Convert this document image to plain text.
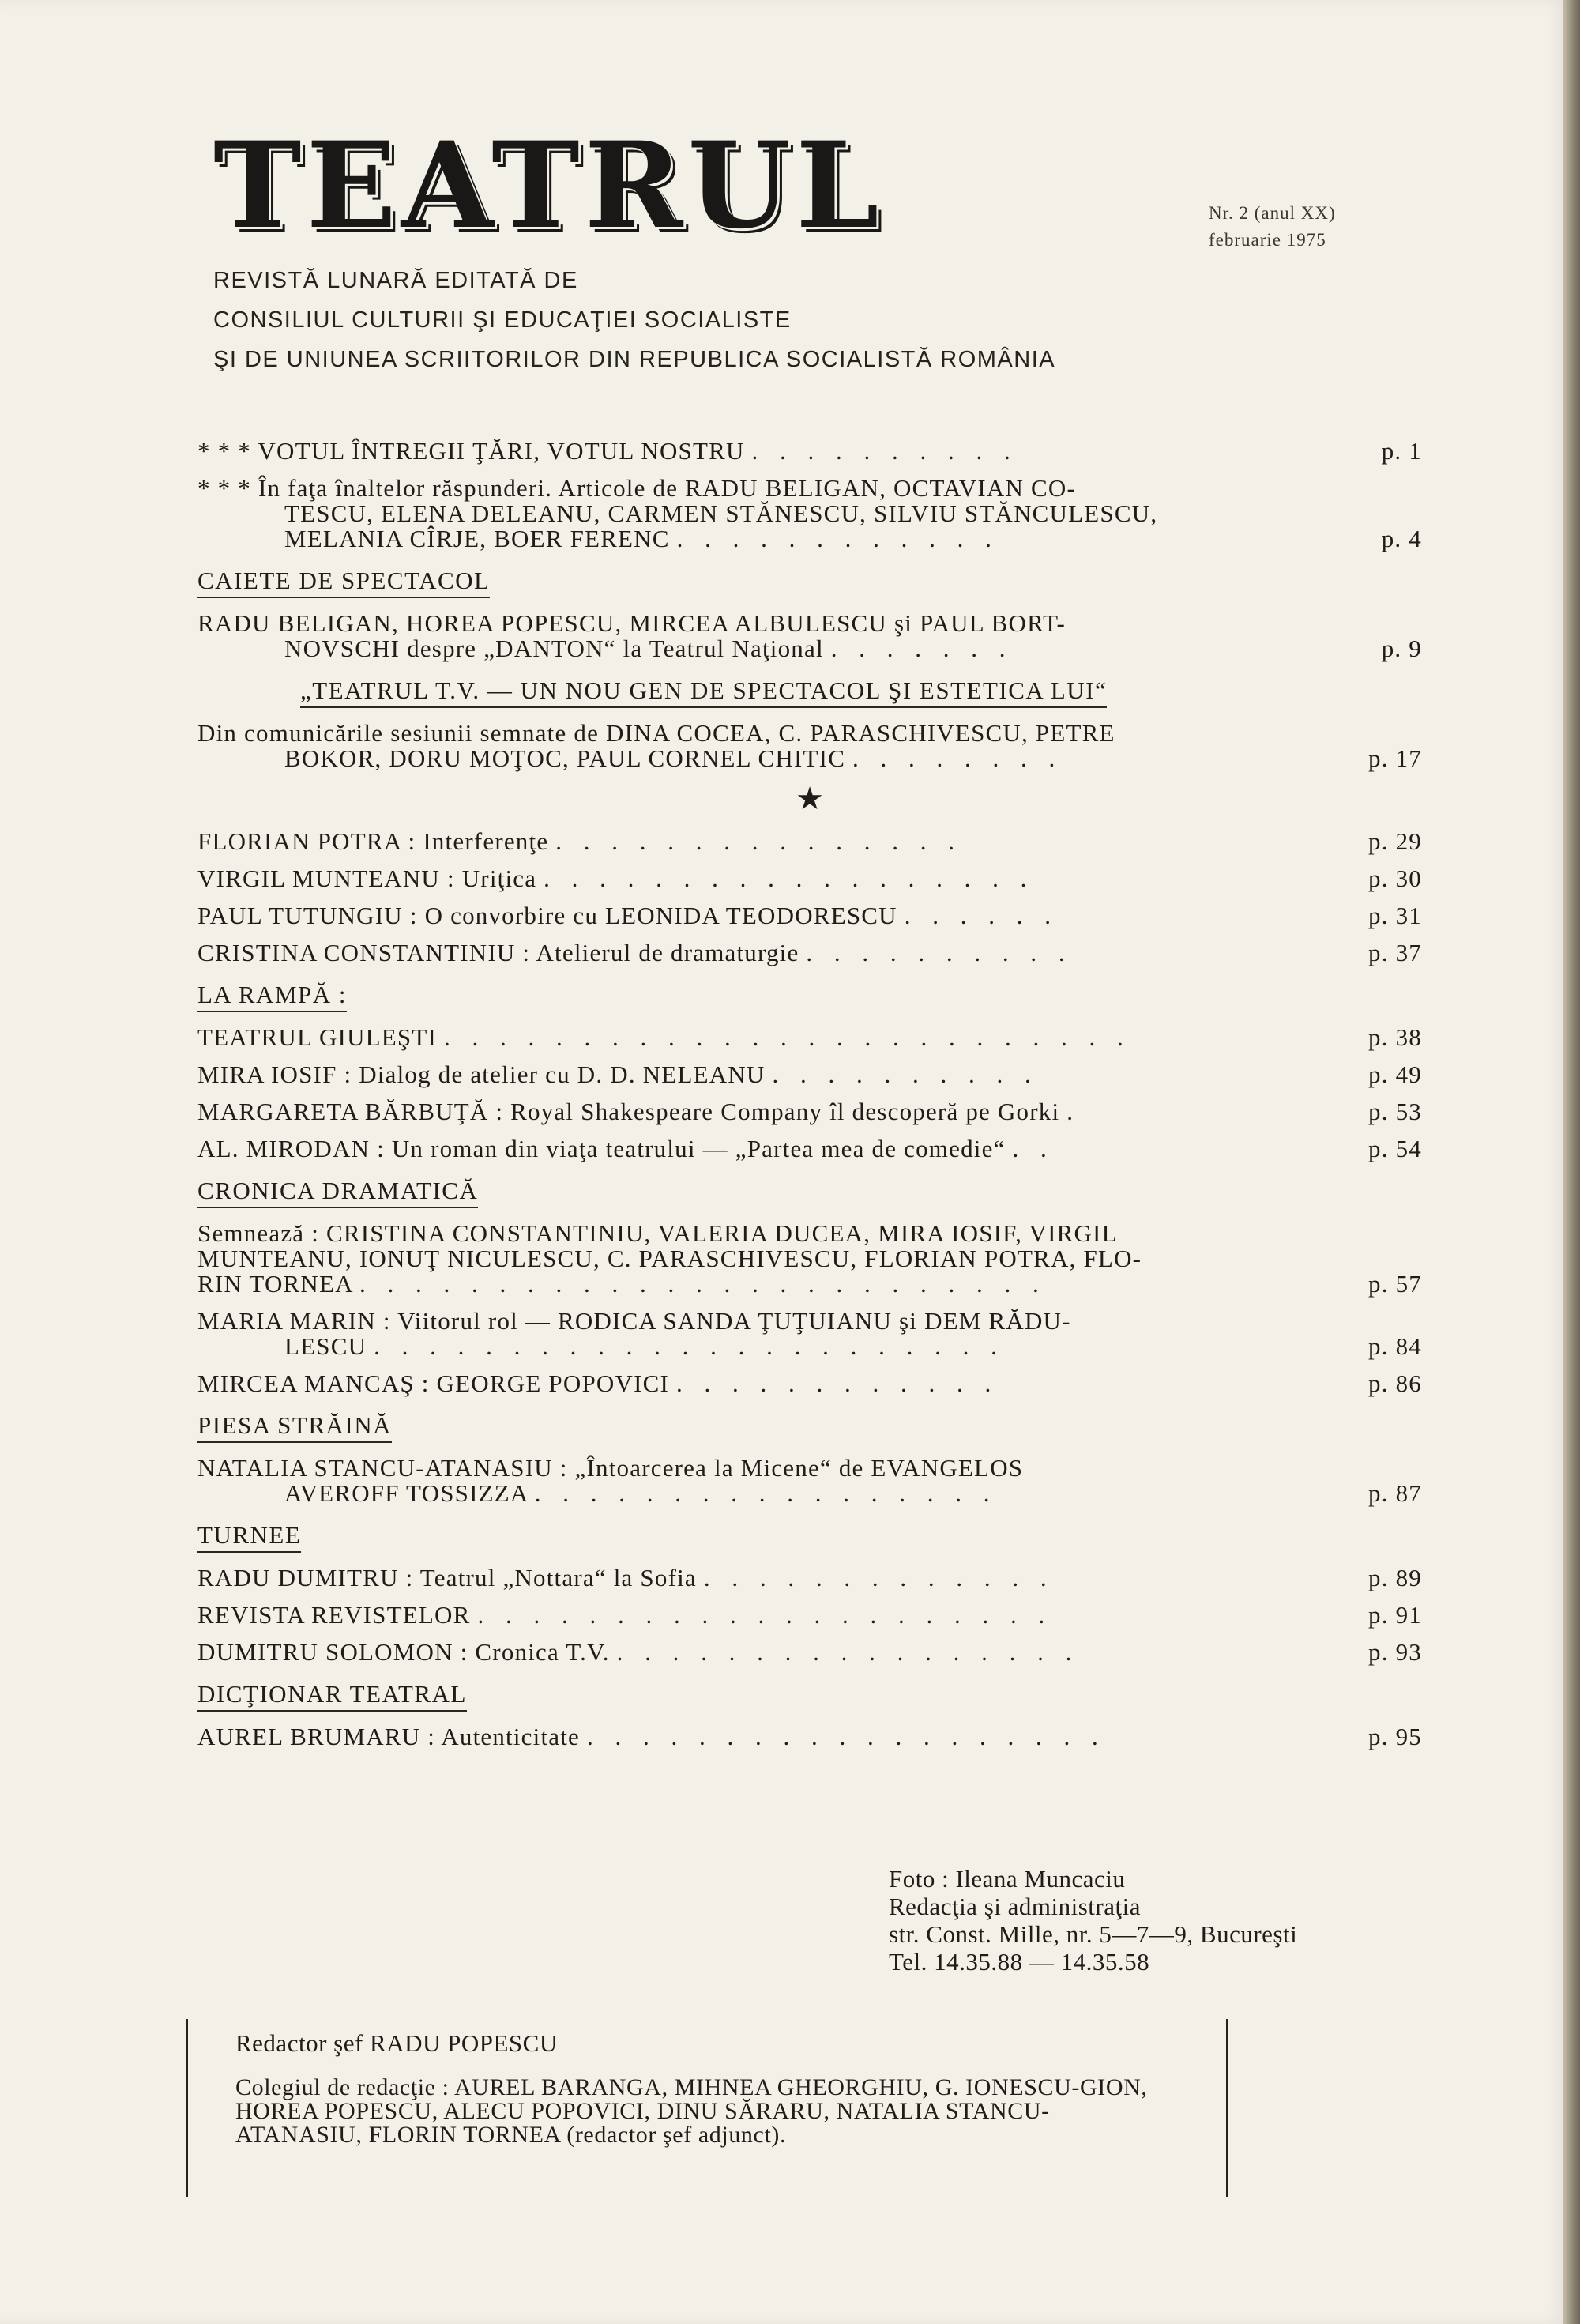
TEATRUL	Nr. 2 (anul XX)
februarie 1975
REVISTĂ LUNARĂ EDITATĂ DE
CONSILIUL CULTURII ŞI EDUCAŢIEI SOCIALISTE
ŞI DE UNIUNEA SCRIITORILOR DIN REPUBLICA SOCIALISTĂ ROMÂNIA
* * * VOTUL ÎNTREGII ŢĂRI, VOTUL NOSTRU . . . . . . . . . .	p. 1
* * * În faţa înaltelor răspunderi. Articole de RADU BELIGAN, OCTAVIAN CO-
TESCU, ELENA DELEANU, CARMEN STĂNESCU, SILVIU STĂNCULESCU,
MELANIA CÎRJE, BOER FERENC . . . . . . . . . . . .	p. 4
CAIETE DE SPECTACOL
RADU BELIGAN, HOREA POPESCU, MIRCEA ALBULESCU şi PAUL BORT-
NOVSCHI despre „DANTON“ la Teatrul Naţional . . . . . . .	p. 9
„TEATRUL T.V. — UN NOU GEN DE SPECTACOL ŞI ESTETICA LUI“
Din comunicările sesiunii semnate de DINA COCEA, C. PARASCHIVESCU, PETRE
BOKOR, DORU MOŢOC, PAUL CORNEL CHITIC . . . . . . . .	p. 17
★
FLORIAN POTRA : Interferenţe . . . . . . . . . . . . . . .	p. 29
VIRGIL MUNTEANU : Uriţica . . . . . . . . . . . . . . . . . .	p. 30
PAUL TUTUNGIU : O convorbire cu LEONIDA TEODORESCU . . . . . .	p. 31
CRISTINA CONSTANTINIU : Atelierul de dramaturgie . . . . . . . . . .	p. 37
LA RAMPĂ :
TEATRUL GIULEŞTI . . . . . . . . . . . . . . . . . . . . . . . . .	p. 38
MIRA IOSIF : Dialog de atelier cu D. D. NELEANU . . . . . . . . . .	p. 49
MARGARETA BĂRBUŢĂ : Royal Shakespeare Company îl descoperă pe Gorki .	p. 53
AL. MIRODAN : Un roman din viaţa teatrului — „Partea mea de comedie“ . .	p. 54
CRONICA DRAMATICĂ
Semnează : CRISTINA CONSTANTINIU, VALERIA DUCEA, MIRA IOSIF, VIRGIL
MUNTEANU, IONUŢ NICULESCU, C. PARASCHIVESCU, FLORIAN POTRA, FLO-
RIN TORNEA . . . . . . . . . . . . . . . . . . . . . . . . .	p. 57
MARIA MARIN : Viitorul rol — RODICA SANDA ŢUŢUIANU şi DEM RĂDU-
LESCU . . . . . . . . . . . . . . . . . . . . . . .	p. 84
MIRCEA MANCAŞ : GEORGE POPOVICI . . . . . . . . . . . .	p. 86
PIESA STRĂINĂ
NATALIA STANCU-ATANASIU : „Întoarcerea la Micene“ de EVANGELOS
AVEROFF TOSSIZZA . . . . . . . . . . . . . . . . .	p. 87
TURNEE
RADU DUMITRU : Teatrul „Nottara“ la Sofia . . . . . . . . . . . . .	p. 89
REVISTA REVISTELOR . . . . . . . . . . . . . . . . . . . . .	p. 91
DUMITRU SOLOMON : Cronica T.V. . . . . . . . . . . . . . . . . .	p. 93
DICŢIONAR TEATRAL
AUREL BRUMARU : Autenticitate . . . . . . . . . . . . . . . . . . .	p. 95
Foto : Ileana Muncaciu
Redacţia şi administraţia
str. Const. Mille, nr. 5—7—9, Bucureşti
Tel. 14.35.88 — 14.35.58
Redactor şef RADU POPESCU
Colegiul de redacţie : AUREL BARANGA, MIHNEA GHEORGHIU, G. IONESCU-GION, HOREA POPESCU, ALECU POPOVICI, DINU SĂRARU, NATALIA STANCU-ATANASIU, FLORIN TORNEA (redactor şef adjunct).
